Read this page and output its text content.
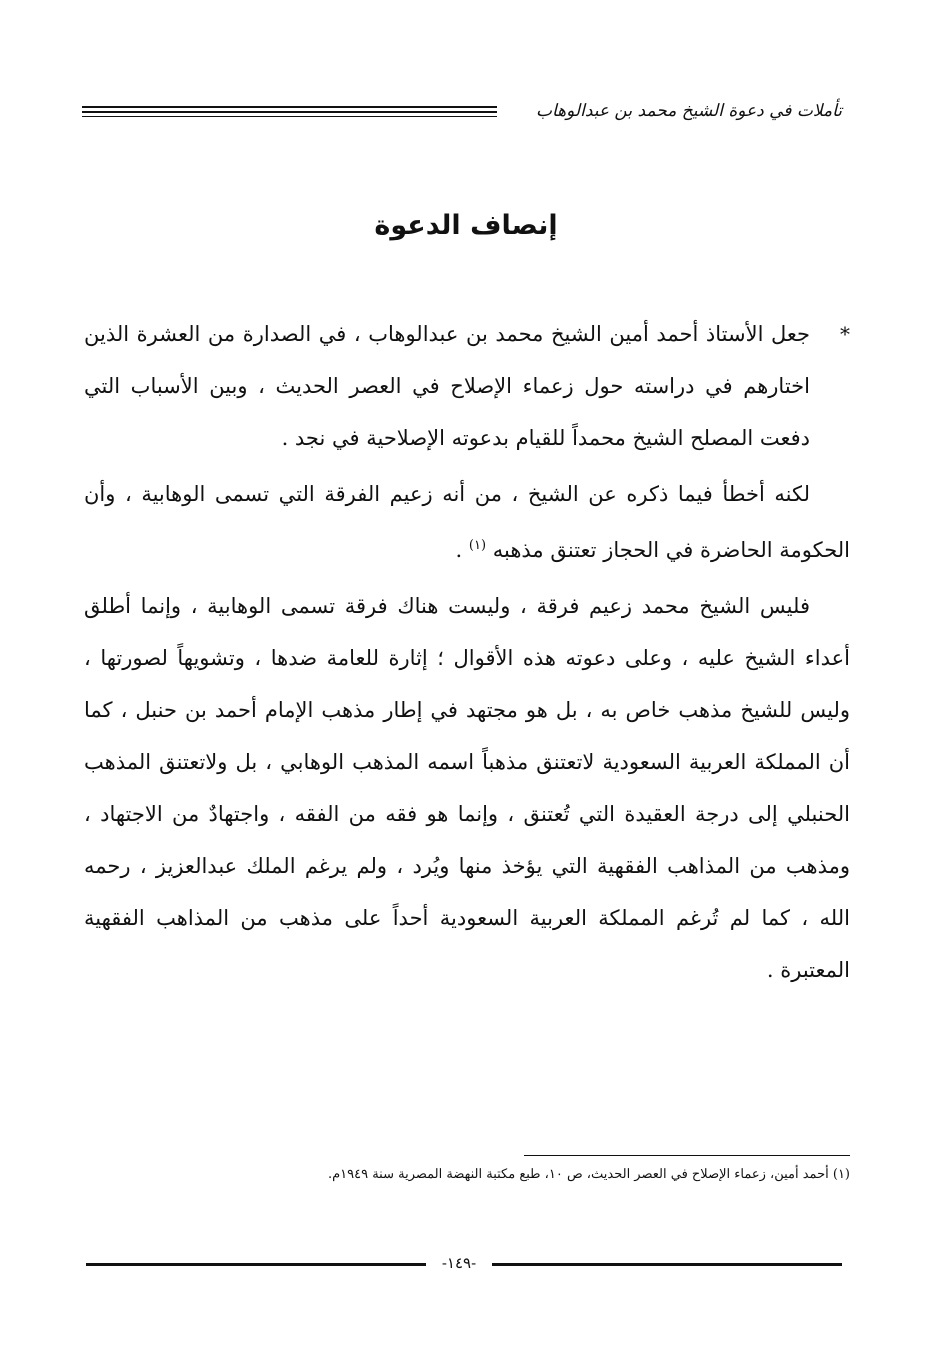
تأملات في دعوة الشيخ محمد بن عبدالوهاب
إنصاف الدعوة

*
جعل الأستاذ أحمد أمين الشيخ محمد بن عبدالوهاب ، في الصدارة من العشرة الذين اختارهم في دراسته حول زعماء الإصلاح في العصر الحديث ، وبين الأسباب التي دفعت المصلح الشيخ محمداً للقيام بدعوته الإصلاحية في نجد .

لكنه أخطأ فيما ذكره عن الشيخ ، من أنه زعيم الفرقة التي تسمى الوهابية ، وأن الحكومة الحاضرة في الحجاز تعتنق مذهبه $^{(١)}$ .

فليس الشيخ محمد زعيم فرقة ، وليست هناك فرقة تسمى الوهابية ، وإنما أطلق أعداء الشيخ عليه ، وعلى دعوته هذه الأقوال ؛ إثارة للعامة ضدها ، وتشويهاً لصورتها ، وليس للشيخ مذهب خاص به ، بل هو مجتهد في إطار مذهب الإمام أحمد بن حنبل ، كما أن المملكة العربية السعودية لاتعتنق مذهباً اسمه المذهب الوهابي ، بل ولاتعتنق المذهب الحنبلي إلى درجة العقيدة التي تُعتنق ، وإنما هو فقه من الفقه ، واجتهادٌ من الاجتهاد ، ومذهب من المذاهب الفقهية التي يؤخذ منها ويُرد ، ولم يرغم الملك عبدالعزيز ، رحمه الله ، كما لم تُرغم المملكة العربية السعودية أحداً على مذهب من المذاهب الفقهية المعتبرة .

(١) أحمد أمين، زعماء الإصلاح في العصر الحديث، ص ١٠، طبع مكتبة النهضة المصرية سنة ١٩٤٩م.
-١٤٩-
